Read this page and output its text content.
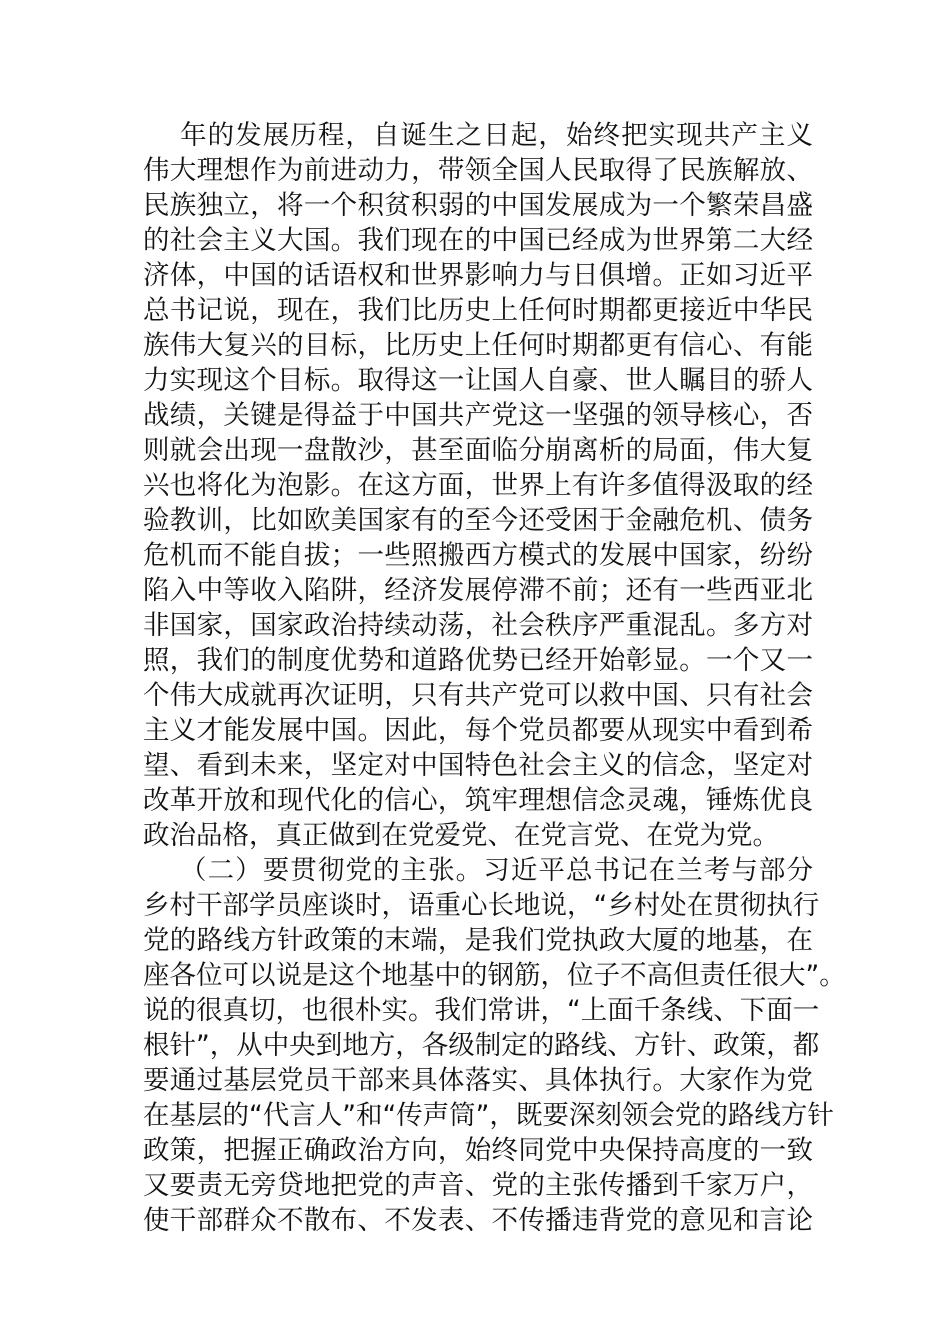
年的发展历程，自诞生之日起，始终把实现共产主义
伟大理想作为前进动力，带领全国人民取得了民族解放、
民族独立，将一个积贫积弱的中国发展成为一个繁荣昌盛
的社会主义大国。我们现在的中国已经成为世界第二大经
济体，中国的话语权和世界影响力与日俱增。正如习近平
总书记说，现在，我们比历史上任何时期都更接近中华民
族伟大复兴的目标，比历史上任何时期都更有信心、有能
力实现这个目标。取得这一让国人自豪、世人瞩目的骄人
战绩，关键是得益于中国共产党这一坚强的领导核心，否
则就会出现一盘散沙，甚至面临分崩离析的局面，伟大复
兴也将化为泡影。在这方面，世界上有许多值得汲取的经
验教训，比如欧美国家有的至今还受困于金融危机、债务
危机而不能自拔；一些照搬西方模式的发展中国家，纷纷
陷入中等收入陷阱，经济发展停滞不前；还有一些西亚北
非国家，国家政治持续动荡，社会秩序严重混乱。多方对
照，我们的制度优势和道路优势已经开始彰显。一个又一
个伟大成就再次证明，只有共产党可以救中国、只有社会
主义才能发展中国。因此，每个党员都要从现实中看到希
望、看到未来，坚定对中国特色社会主义的信念，坚定对
改革开放和现代化的信心，筑牢理想信念灵魂，锤炼优良
政治品格，真正做到在党爱党、在党言党、在党为党。
（二）要贯彻党的主张。习近平总书记在兰考与部分
乡村干部学员座谈时，语重心长地说，“乡村处在贯彻执行
党的路线方针政策的末端，是我们党执政大厦的地基，在
座各位可以说是这个地基中的钢筋，位子不高但责任很大”。
说的很真切，也很朴实。我们常讲，“上面千条线、下面一
根针”，从中央到地方，各级制定的路线、方针、政策，都
要通过基层党员干部来具体落实、具体执行。大家作为党
在基层的“代言人”和“传声筒”，既要深刻领会党的路线方针
政策，把握正确政治方向，始终同党中央保持高度的一致
又要责无旁贷地把党的声音、党的主张传播到千家万户，
使干部群众不散布、不发表、不传播违背党的意见和言论
